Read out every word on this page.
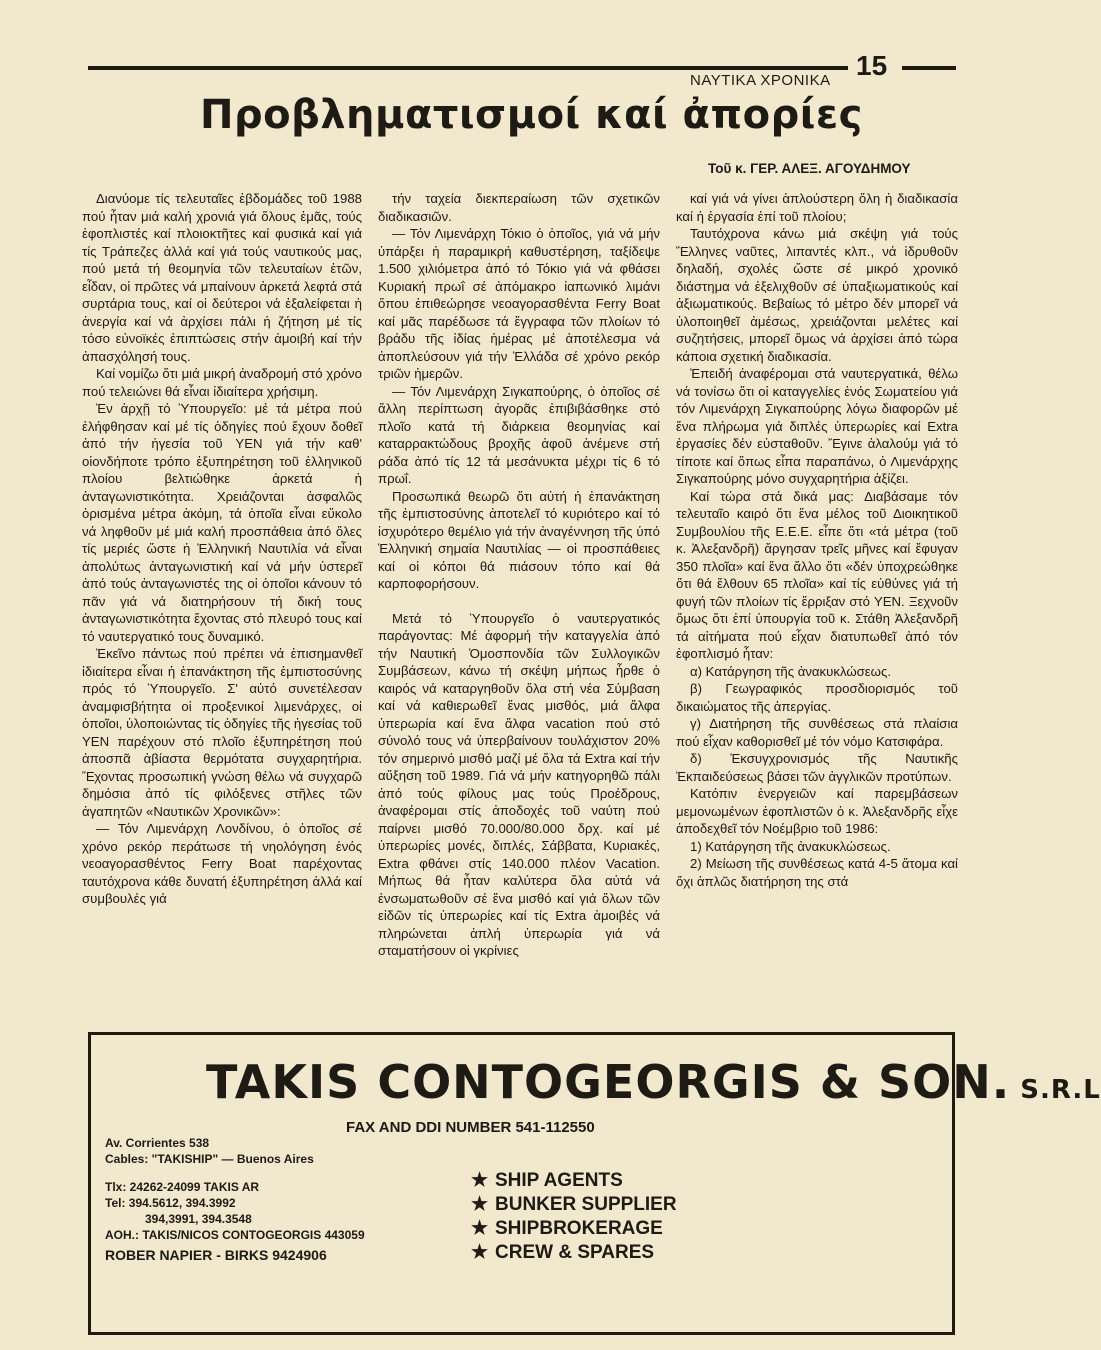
ΝΑΥΤΙΚΑ ΧΡΟΝΙΚΑ 15
Προβληματισμοί καί ἀπορίες
Τοῦ κ. ΓΕΡ. ΑΛΕΞ. ΑΓΟΥΔΗΜΟΥ

Διανύομε τίς τελευταῖες ἑβδομάδες τοῦ 1988 πού ἦταν μιά καλή χρονιά γιά ὅλους ἐμᾶς, τούς ἐφοπλιστές καί πλοιοκτῆτες καί φυσικά καί γιά τίς Τράπεζες ἀλλά καί γιά τούς ναυτικούς μας, πού μετά τή θεομηνία τῶν τελευταίων ἐτῶν, εἶδαν, οἱ πρῶτες νά μπαίνουν ἀρκετά λεφτά στά συρτάρια τους, καί οἱ δεύτεροι νά ἐξαλείφεται ἡ ἀνεργία καί νά ἀρχίσει πάλι ἡ ζήτηση μέ τίς τόσο εὐνοϊκές ἐπιπτώσεις στήν ἀμοιβή καί τήν ἀπασχόλησή τους.

Καί νομίζω ὅτι μιά μικρή ἀναδρομή στό χρόνο πού τελειώνει θά εἶναι ἰδιαίτερα χρήσιμη.

Ἐν ἀρχῇ τό Ὑπουργεῖο: μέ τά μέτρα πού ἐλήφθησαν καί μέ τίς ὁδηγίες πού ἔχουν δοθεῖ ἀπό τήν ἡγεσία τοῦ ΥΕΝ γιά τήν καθ' οἱονδήποτε τρόπο ἐξυπηρέτηση τοῦ ἑλληνικοῦ πλοίου βελτιώθηκε ἀρκετά ἡ ἀνταγωνιστικότητα. Χρειάζονται ἀσφαλῶς ὁρισμένα μέτρα ἀκόμη, τά ὁποῖα εἶναι εὔκολο νά ληφθοῦν μέ μιά καλή προσπάθεια ἀπό ὅλες τίς μεριές ὥστε ἡ Ἑλληνική Ναυτιλία νά εἶναι ἀπολύτως ἀνταγωνιστική καί νά μήν ὑστερεῖ ἀπό τούς ἀνταγωνιστές της οἱ ὁποῖοι κάνουν τό πᾶν γιά νά διατηρήσουν τή δική τους ἀνταγωνιστικότητα ἔχοντας στό πλευρό τους καί τό ναυτεργατικό τους δυναμικό.

Ἐκεῖνο πάντως πού πρέπει νά ἐπισημανθεῖ ἰδιαίτερα εἶναι ἡ ἐπανάκτηση τῆς ἐμπιστοσύνης πρός τό Ὑπουργεῖο. Σ' αὐτό συνετέλεσαν ἀναμφισβήτητα οἱ προξενικοί λιμενάρχες, οἱ ὁποῖοι, ὑλοποιώντας τίς ὁδηγίες τῆς ἡγεσίας τοῦ ΥΕΝ παρέχουν στό πλοῖο ἐξυπηρέτηση πού ἀποσπᾶ ἀβίαστα θερμότατα συγχαρητήρια. Ἔχοντας προσωπική γνώση θέλω νά συγχαρῶ δημόσια ἀπό τίς φιλόξενες στῆλες τῶν ἀγαπητῶν «Ναυτικῶν Χρονικῶν»:

— Τόν Λιμενάρχη Λονδίνου, ὁ ὁποῖος σέ χρόνο ρεκόρ περάτωσε τή νηολόγηση ἑνός νεοαγορασθέντος Ferry Boat παρέχοντας ταυτόχρονα κάθε δυνατή ἐξυπηρέτηση ἀλλά καί συμβουλές γιά

τήν ταχεία διεκπεραίωση τῶν σχετικῶν διαδικασιῶν.

— Τόν Λιμενάρχη Τόκιο ὁ ὁποῖος, γιά νά μήν ὑπάρξει ἡ παραμικρή καθυστέρηση, ταξίδεψε 1.500 χιλιόμετρα ἀπό τό Τόκιο γιά νά φθάσει Κυριακή πρωΐ σέ ἀπόμακρο ἰαπωνικό λιμάνι ὅπου ἐπιθεώρησε νεοαγορασθέντα Ferry Boat καί μᾶς παρέδωσε τά ἔγγραφα τῶν πλοίων τό βράδυ τῆς ἰδίας ἡμέρας μέ ἀποτέλεσμα νά ἀποπλεύσουν γιά τήν Ἑλλάδα σέ χρόνο ρεκόρ τριῶν ἡμερῶν.

— Τόν Λιμενάρχη Σιγκαπούρης, ὁ ὁποῖος σέ ἄλλη περίπτωση ἀγορᾶς ἐπιβιβάσθηκε στό πλοῖο κατά τή διάρκεια θεομηνίας καί καταρρακτώδους βροχῆς ἀφοῦ ἀνέμενε στή ράδα ἀπό τίς 12 τά μεσάνυκτα μέχρι τίς 6 τό πρωΐ.

Προσωπικά θεωρῶ ὅτι αὐτή ἡ ἐπανάκτηση τῆς ἐμπιστοσύνης ἀποτελεῖ τό κυριότερο καί τό ἰσχυρότερο θεμέλιο γιά τήν ἀναγέννηση τῆς ὑπό Ἑλληνική σημαία Ναυτιλίας — οἱ προσπάθειες καί οἱ κόποι θά πιάσουν τόπο καί θά καρποφορήσουν.

Μετά τό Ὑπουργεῖο ὁ ναυτεργατικός παράγοντας: Μέ ἀφορμή τήν καταγγελία ἀπό τήν Ναυτική Ὁμοσπονδία τῶν Συλλογικῶν Συμβάσεων, κάνω τή σκέψη μήπως ἦρθε ὁ καιρός νά καταργηθοῦν ὅλα στή νέα Σύμβαση καί νά καθιερωθεῖ ἕνας μισθός, μιά ἄλφα ὑπερωρία καί ἕνα ἄλφα vacation πού στό σύνολό τους νά ὑπερβαίνουν τουλάχιστον 20% τόν σημερινό μισθό μαζί μέ ὅλα τά Extra καί τήν αὔξηση τοῦ 1989. Γιά νά μήν κατηγορηθῶ πάλι ἀπό τούς φίλους μας τούς Προέδρους, ἀναφέρομαι στίς ἀποδοχές τοῦ ναύτη πού παίρνει μισθό 70.000/80.000 δρχ. καί μέ ὑπερωρίες μονές, διπλές, Σάββατα, Κυριακές, Extra φθάνει στίς 140.000 πλέον Vacation. Μήπως θά ἦταν καλύτερα ὅλα αὐτά νά ἐνσωματωθοῦν σέ ἕνα μισθό καί γιά ὅλων τῶν εἰδῶν τίς ὑπερωρίες καί τίς Extra ἀμοιβές νά πληρώνεται ἁπλή ὑπερωρία γιά νά σταματήσουν οἱ γκρίνιες

καί γιά νά γίνει ἁπλούστερη ὅλη ἡ διαδικασία καί ἡ ἐργασία ἐπί τοῦ πλοίου;

Ταυτόχρονα κάνω μιά σκέψη γιά τούς Ἕλληνες ναῦτες, λιπαντές κλπ., νά ἱδρυθοῦν δηλαδή, σχολές ὥστε σέ μικρό χρονικό διάστημα νά ἐξελιχθοῦν σέ ὑπαξιωματικούς καί ἀξιωματικούς. Βεβαίως τό μέτρο δέν μπορεῖ νά ὑλοποιηθεῖ ἀμέσως, χρειάζονται μελέτες καί συζητήσεις, μπορεῖ ὅμως νά ἀρχίσει ἀπό τώρα κάποια σχετική διαδικασία.

Ἐπειδή ἀναφέρομαι στά ναυτεργατικά, θέλω νά τονίσω ὅτι οἱ καταγγελίες ἑνός Σωματείου γιά τόν Λιμενάρχη Σιγκαπούρης λόγω διαφορῶν μέ ἕνα πλήρωμα γιά διπλές ὑπερωρίες καί Extra ἐργασίες δέν εὐσταθοῦν. Ἔγινε ἀλαλούμ γιά τό τίποτε καί ὅπως εἶπα παραπάνω, ὁ Λιμενάρχης Σιγκαπούρης μόνο συγχαρητήρια ἀξίζει.

Καί τώρα στά δικά μας: Διαβάσαμε τόν τελευταῖο καιρό ὅτι ἕνα μέλος τοῦ Διοικητικοῦ Συμβουλίου τῆς Ε.Ε.Ε. εἶπε ὅτι «τά μέτρα (τοῦ κ. Ἀλεξανδρῆ) ἄργησαν τρεῖς μῆνες καί ἔφυγαν 350 πλοῖα» καί ἕνα ἄλλο ὅτι «δέν ὑποχρεώθηκε ὅτι θά ἔλθουν 65 πλοῖα» καί τίς εὐθύνες γιά τή φυγή τῶν πλοίων τίς ἔρριξαν στό ΥΕΝ. Ξεχνοῦν ὅμως ὅτι ἐπί ὑπουργία τοῦ κ. Στάθη Ἀλεξανδρῆ τά αἰτήματα πού εἶχαν διατυπωθεῖ ἀπό τόν ἐφοπλισμό ἦταν:

α) Κατάργηση τῆς ἀνακυκλώσεως.

β) Γεωγραφικός προσδιορισμός τοῦ δικαιώματος τῆς ἀπεργίας.

γ) Διατήρηση τῆς συνθέσεως στά πλαίσια πού εἶχαν καθορισθεῖ μέ τόν νόμο Κατσιφάρα.

δ) Ἐκσυγχρονισμός τῆς Ναυτικῆς Ἐκπαιδεύσεως βάσει τῶν ἀγγλικῶν προτύπων.

Κατόπιν ἐνεργειῶν καί παρεμβάσεων μεμονωμένων ἐφοπλιστῶν ὁ κ. Ἀλεξανδρῆς εἶχε ἀποδεχθεῖ τόν Νοέμβριο τοῦ 1986:

1) Κατάργηση τῆς ἀνακυκλώσεως.

2) Μείωση τῆς συνθέσεως κατά 4-5 ἄτομα καί ὄχι ἁπλῶς διατήρηση της στά

TAKIS CONTOGEORGIS & SON. S.R.L
FAX AND DDI NUMBER 541-112550
Av. Corrientes 538
Cables: "TAKISHIP" — Buenos Aires
Tlx: 24262-24099 TAKIS AR
Tel: 394.5612, 394.3992
394,3991, 394.3548
AOH.: TAKIS/NICOS CONTOGEORGIS 443059
ROBER NAPIER - BIRKS 9424906
★ SHIP AGENTS
★ BUNKER SUPPLIER
★ SHIPBROKERAGE
★ CREW & SPARES
